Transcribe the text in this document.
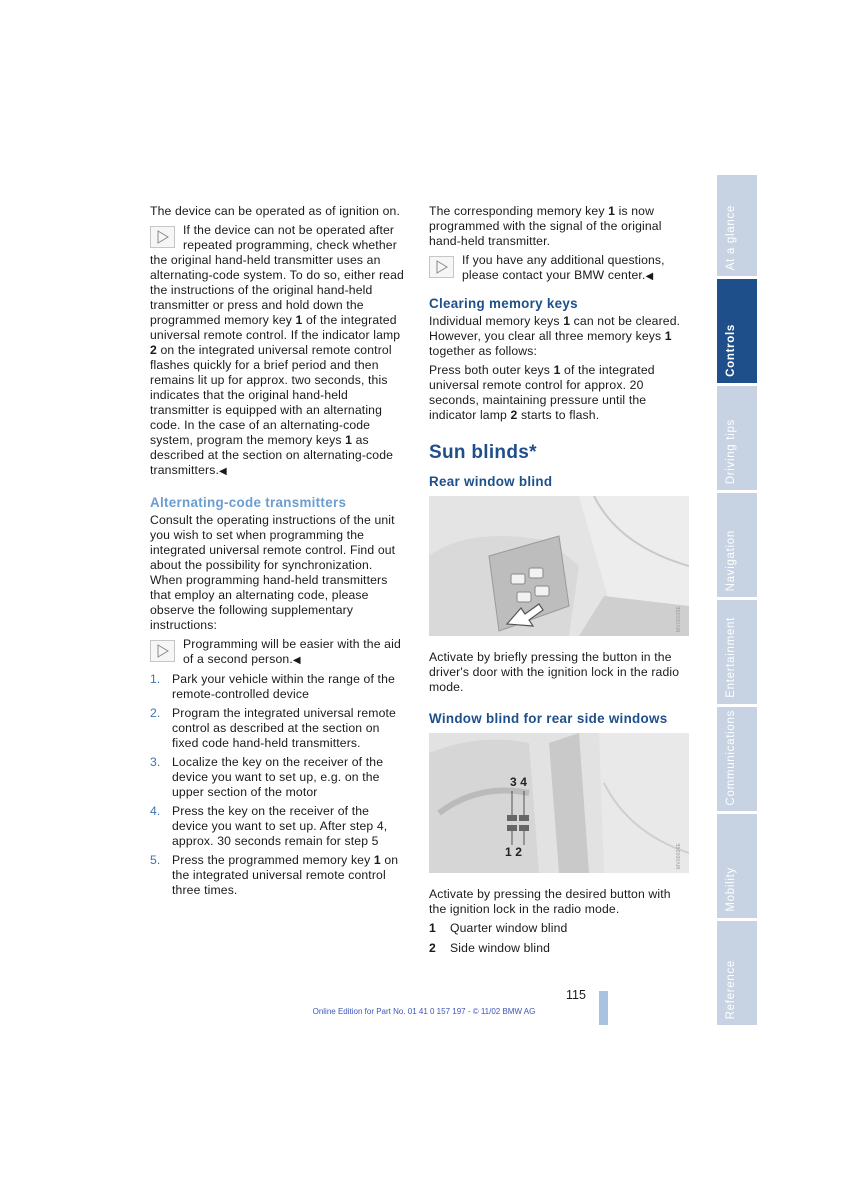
The device can be operated as of ignition on.

If the device can not be operated after repeated programming, check whether the original hand-held transmitter uses an alternating-code system. To do so, either read the instructions of the original hand-held transmitter or press and hold down the programmed memory key 1 of the integrated universal remote control. If the indicator lamp 2 on the integrated universal remote control flashes quickly for a brief period and then remains lit up for approx. two seconds, this indicates that the original hand-held transmitter is equipped with an alternating code. In the case of an alternating-code system, program the memory keys 1 as described at the section on alternating-code transmitters.◀
Alternating-code transmitters

Consult the operating instructions of the unit you wish to set when programming the integrated universal remote control. Find out about the possibility for synchronization.

When programming hand-held transmitters that employ an alternating code, please observe the following supplementary instructions:

Programming will be easier with the aid of a second person.◀
1. Park your vehicle within the range of the remote-controlled device
2. Program the integrated universal remote control as described at the section on fixed code hand-held transmitters.
3. Localize the key on the receiver of the device you want to set up, e.g. on the upper section of the motor
4. Press the key on the receiver of the device you want to set up. After step 4, approx. 30 seconds remain for step 5
5. Press the programmed memory key 1 on the integrated universal remote control three times.

The corresponding memory key 1 is now programmed with the signal of the original hand-held transmitter.

If you have any additional questions, please contact your BMW center.◀
Clearing memory keys

Individual memory keys 1 can not be cleared. However, you clear all three memory keys 1 together as follows:

Press both outer keys 1 of the integrated universal remote control for approx. 20 seconds, maintaining pressure until the indicator lamp 2 starts to flash.

Sun blinds*
Rear window blind
MV00035E

Activate by briefly pressing the button in the driver's door with the ignition lock in the radio mode.

Window blind for rear side windows
3 4
1 2	MV00036E

Activate by pressing the desired button with the ignition lock in the radio mode.

1 Quarter window blind
2 Side window blind
At a glance
Controls
Driving tips
Navigation
Entertainment
Communications
Mobility
Reference
115
Online Edition for Part No. 01 41 0 157 197 - © 11/02 BMW AG
